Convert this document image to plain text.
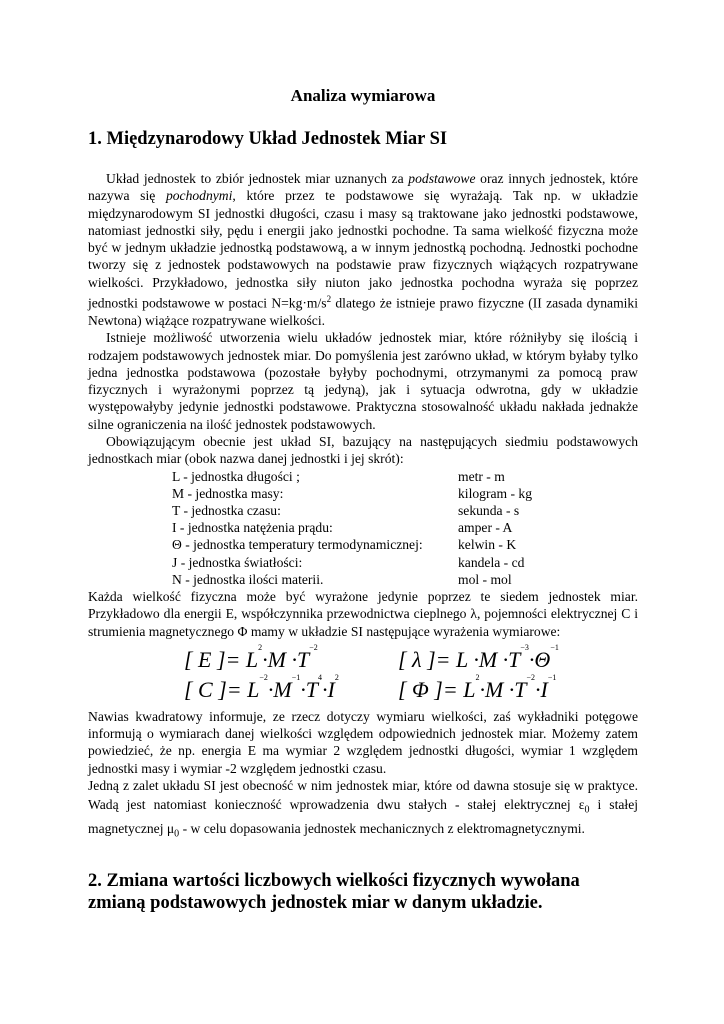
Analiza wymiarowa
1. Międzynarodowy Układ Jednostek Miar SI

Układ jednostek to zbiór jednostek miar uznanych za podstawowe oraz innych jednostek, które nazywa się pochodnymi, które przez te podstawowe się wyrażają. Tak np. w układzie międzynarodowym SI jednostki długości, czasu i masy są traktowane jako jednostki podstawowe, natomiast jednostki siły, pędu i energii jako jednostki pochodne. Ta sama wielkość fizyczna może być w jednym układzie jednostką podstawową, a w innym jednostką pochodną. Jednostki pochodne tworzy się z jednostek podstawowych na podstawie praw fizycznych wiążących rozpatrywane wielkości. Przykładowo, jednostka siły niuton jako jednostka pochodna wyraża się poprzez jednostki podstawowe w postaci $N=kg\cdot m/s^2$ dlatego że istnieje prawo fizyczne (II zasada dynamiki Newtona) wiążące rozpatrywane wielkości.

Istnieje możliwość utworzenia wielu układów jednostek miar, które różniłyby się ilością i rodzajem podstawowych jednostek miar. Do pomyślenia jest zarówno układ, w którym byłaby tylko jedna jednostka podstawowa (pozostałe byłyby pochodnymi, otrzymanymi za pomocą praw fizycznych i wyrażonymi poprzez tą jedyną), jak i sytuacja odwrotna, gdy w układzie występowałyby jedynie jednostki podstawowe. Praktyczna stosowalność układu nakłada jednakże silne ograniczenia na ilość jednostek podstawowych.

Obowiązującym obecnie jest układ SI, bazujący na następujących siedmiu podstawowych jednostkach miar (obok nazwa danej jednostki i jej skrót):

L - jednostka długości ;	metr - m
M - jednostka masy:	kilogram - kg
T - jednostka czasu:	sekunda - s
I - jednostka natężenia prądu:	amper - A
Θ - jednostka temperatury termodynamicznej:	kelwin - K
J - jednostka światłości:	kandela - cd
N - jednostka ilości materii.	mol - mol

Każda wielkość fizyczna może być wyrażone jedynie poprzez te siedem jednostek miar. Przykładowo dla energii E, współczynnika przewodnictwa cieplnego λ, pojemności elektrycznej C i strumienia magnetycznego Φ mamy w układzie SI następujące wyrażenia wymiarowe:

[ E ]= $L^2\cdot M \cdot T^{-2}$	[ λ ]= $L \cdot M \cdot T^{-3}\cdot\Theta^{-1}$
[ C ]= $L^{-2}\cdot M^{-1}\cdot T^4\cdot I^2$	[ Φ ]= $L^2\cdot M \cdot T^{-2}\cdot I^{-1}$

Nawias kwadratowy informuje, ze rzecz dotyczy wymiaru wielkości, zaś wykładniki potęgowe informują o wymiarach danej wielkości względem odpowiednich jednostek miar. Możemy zatem powiedzieć, że np. energia E ma wymiar 2 względem jednostki długości, wymiar 1 względem jednostki masy i wymiar -2 względem jednostki czasu.

Jedną z zalet układu SI jest obecność w nim jednostek miar, które od dawna stosuje się w praktyce. Wadą jest natomiast konieczność wprowadzenia dwu stałych - stałej elektrycznej $\varepsilon_0$ i stałej magnetycznej $\mu_0$ - w celu dopasowania jednostek mechanicznych z elektromagnetycznymi.

2. Zmiana wartości liczbowych wielkości fizycznych wywołana zmianą podstawowych jednostek miar w danym układzie.
